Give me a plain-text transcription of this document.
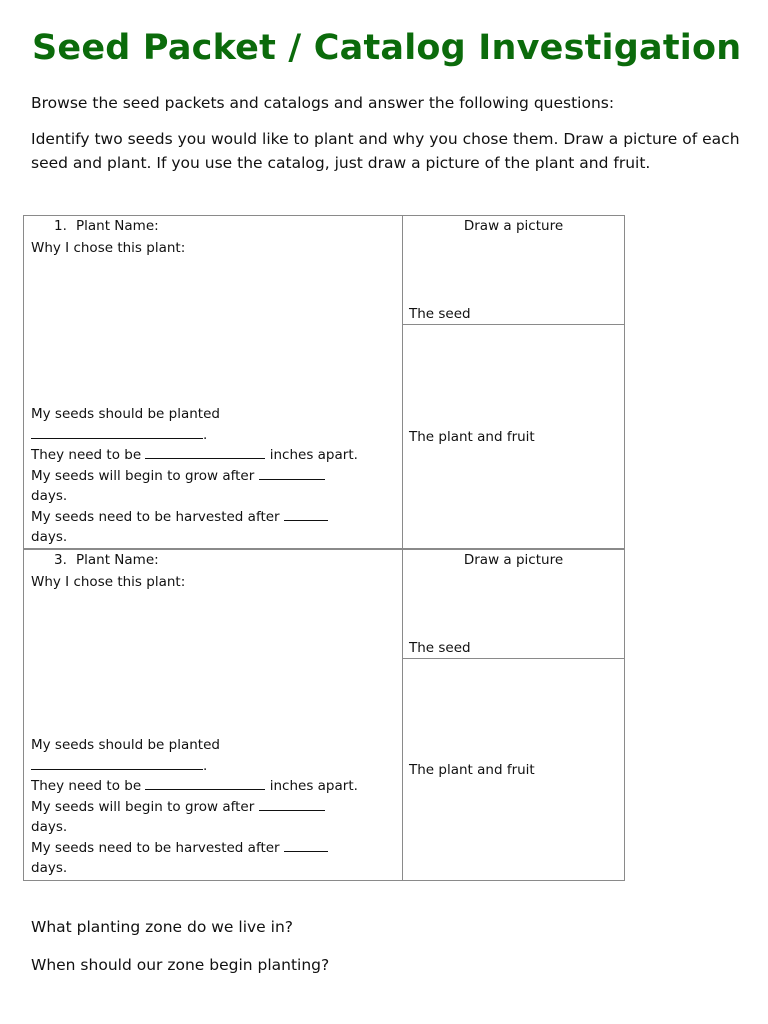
Seed Packet / Catalog Investigation
Browse the seed packets and catalogs and answer the following questions:
Identify two seeds you would like to plant and why you chose them. Draw a picture of each seed and plant. If you use the catalog, just draw a picture of the plant and fruit.
1. Plant Name:
Why I chose this plant:
My seeds should be planted
.
They need to be	inches apart.
My seeds will begin to grow after
days.
My seeds need to be harvested after
days.

Draw a picture
The seed

The plant and fruit
3. Plant Name:
Why I chose this plant:
My seeds should be planted
.
They need to be	inches apart.
My seeds will begin to grow after
days.
My seeds need to be harvested after
days.

Draw a picture
The seed

The plant and fruit
What planting zone do we live in?
When should our zone begin planting?
